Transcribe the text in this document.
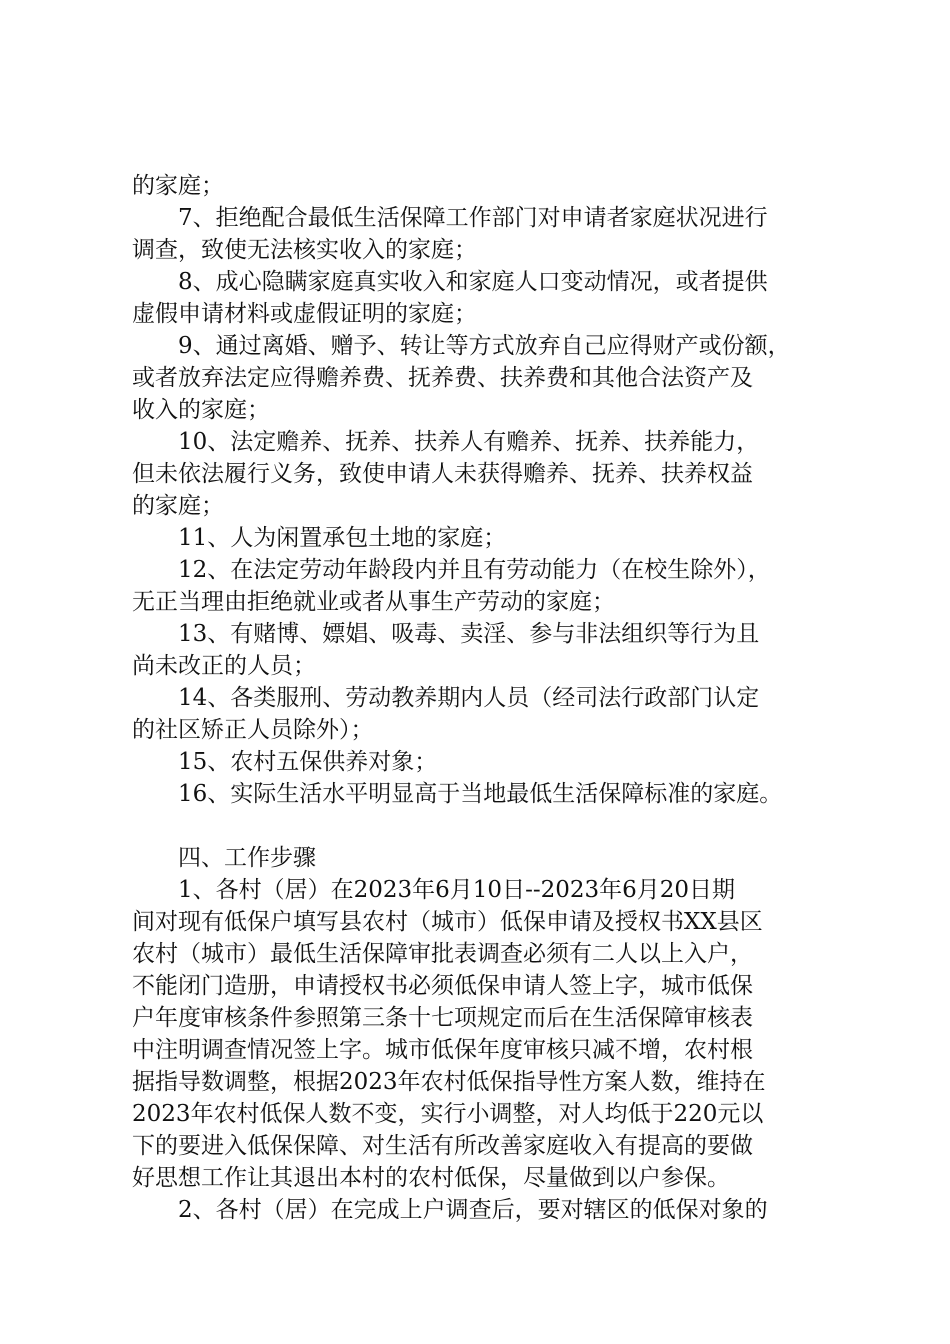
的家庭；
7、拒绝配合最低生活保障工作部门对申请者家庭状况进行
调查，致使无法核实收入的家庭；
8、成心隐瞒家庭真实收入和家庭人口变动情况，或者提供
虚假申请材料或虚假证明的家庭；
9、通过离婚、赠予、转让等方式放弃自己应得财产或份额，
或者放弃法定应得赡养费、抚养费、扶养费和其他合法资产及
收入的家庭；
10、法定赡养、抚养、扶养人有赡养、抚养、扶养能力，
但未依法履行义务，致使申请人未获得赡养、抚养、扶养权益
的家庭；
11、人为闲置承包土地的家庭；
12、在法定劳动年龄段内并且有劳动能力（在校生除外），
无正当理由拒绝就业或者从事生产劳动的家庭；
13、有赌博、嫖娼、吸毒、卖淫、参与非法组织等行为且
尚未改正的人员；
14、各类服刑、劳动教养期内人员（经司法行政部门认定
的社区矫正人员除外）；
15、农村五保供养对象；
16、实际生活水平明显高于当地最低生活保障标准的家庭。
四、工作步骤
1、各村（居）在2023年6月10日--2023年6月20日期
间对现有低保户填写县农村（城市）低保申请及授权书XX县区
农村（城市）最低生活保障审批表调查必须有二人以上入户，
不能闭门造册，申请授权书必须低保申请人签上字，城市低保
户年度审核条件参照第三条十七项规定而后在生活保障审核表
中注明调查情况签上字。城市低保年度审核只减不增，农村根
据指导数调整，根据2023年农村低保指导性方案人数，维持在
2023年农村低保人数不变，实行小调整，对人均低于220元以
下的要进入低保保障、对生活有所改善家庭收入有提高的要做
好思想工作让其退出本村的农村低保，尽量做到以户参保。
2、各村（居）在完成上户调查后，要对辖区的低保对象的
